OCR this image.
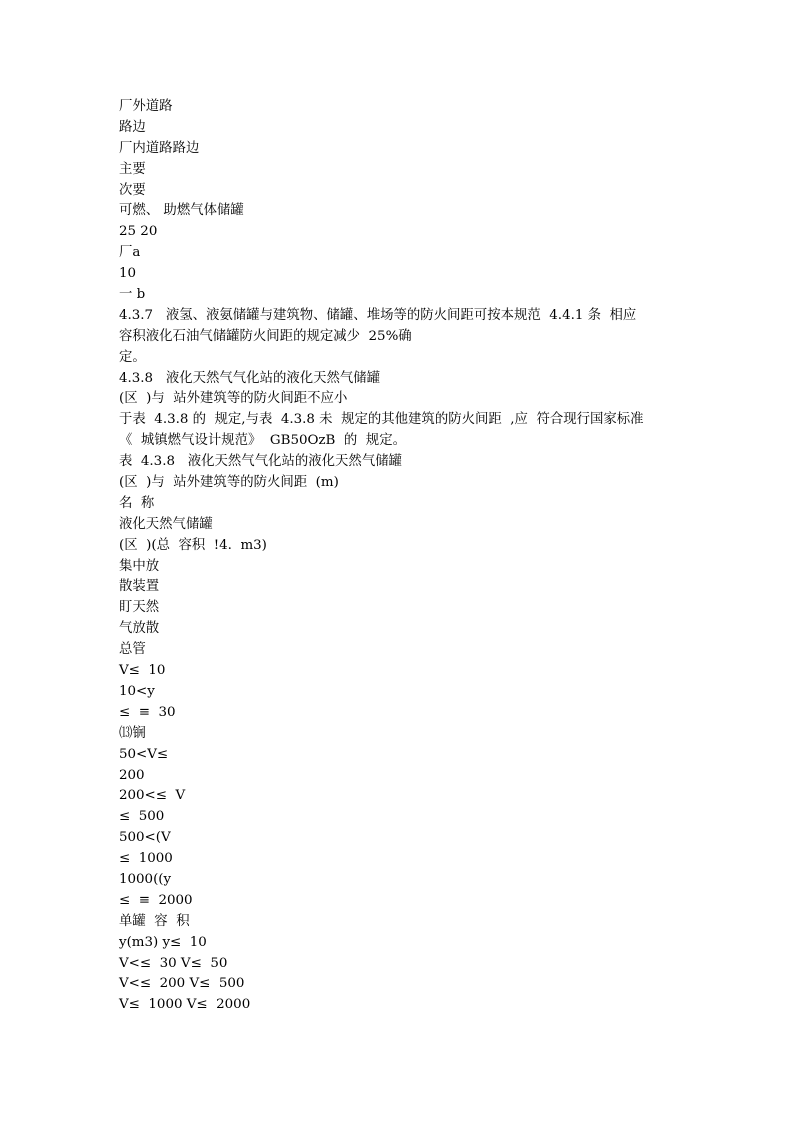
厂外道路
路边
厂内道路路边
主要
次要
可燃、 助燃气体储罐
25 20
厂a
10
一 b
4.3.7   液氢、液氨储罐与建筑物、储罐、堆场等的防火间距可按本规范  4.4.1 条  相应
容积液化石油气储罐防火间距的规定减少  25%确
定。
4.3.8   液化天然气气化站的液化天然气储罐
(区  )与  站外建筑等的防火间距不应小
于表  4.3.8 的  规定,与表  4.3.8 未  规定的其他建筑的防火间距  ,应  符合现行国家标准
《  城镇燃气设计规范》  GB50OzB  的  规定。
表  4.3.8   液化天然气气化站的液化天然气储罐
(区  )与  站外建筑等的防火间距  (m)
名  称
液化天然气储罐
(区  )(总  容积  !4.  m3)
集中放
散装置
盯天然
气放散
总管
V≤  10
10<y
≤  ≡  30
⒀锎
50<V≤
200
200<≤  V
≤  500
500<(V
≤  1000
1000((y
≤  ≡  2000
单罐  容  积
y(m3) y≤  10
V<≤  30 V≤  50
V<≤  200 V≤  500
V≤  1000 V≤  2000
